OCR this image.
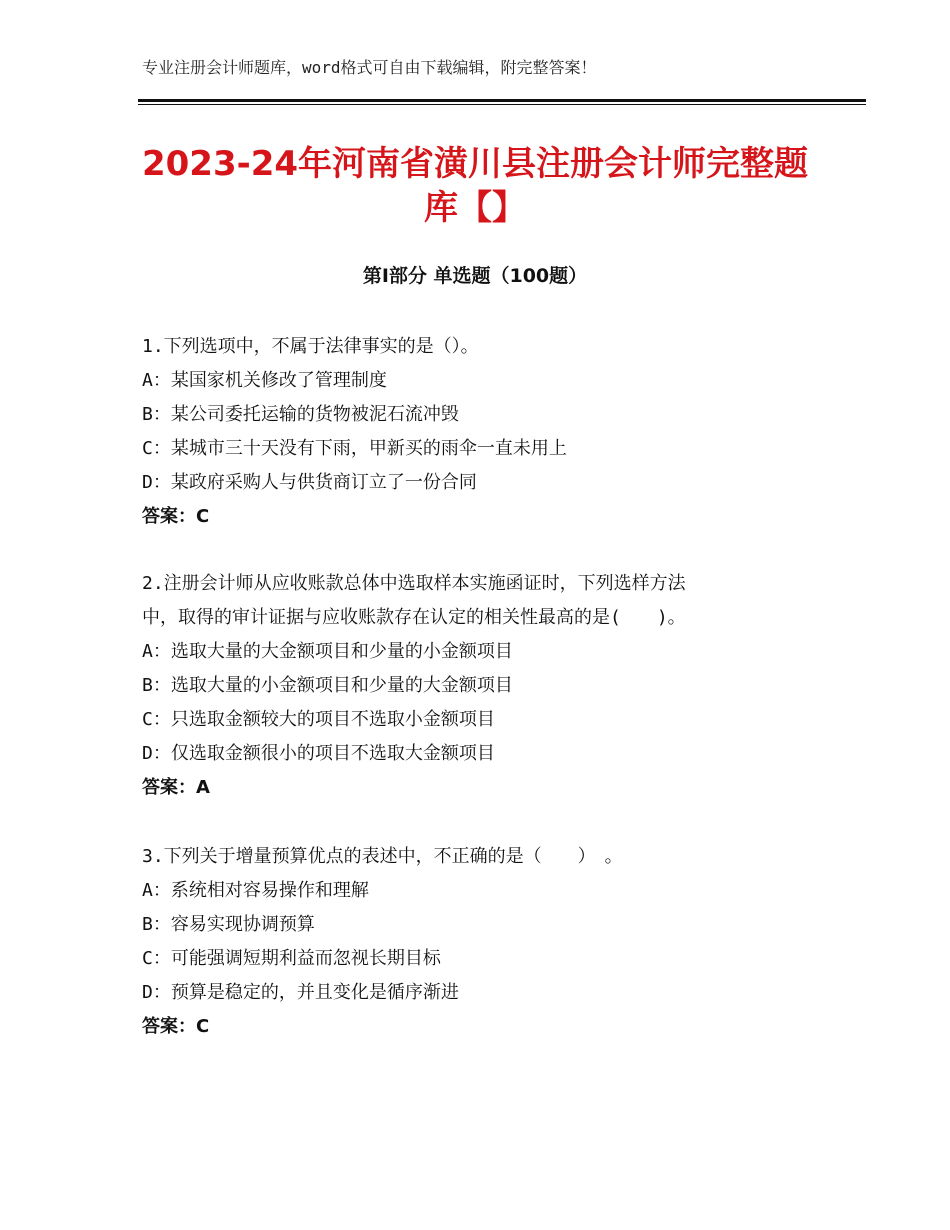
专业注册会计师题库，word格式可自由下载编辑，附完整答案！
2023-24年河南省潢川县注册会计师完整题
库【】
第Ⅰ部分 单选题（100题）
1.下列选项中，不属于法律事实的是（）。
A：某国家机关修改了管理制度
B：某公司委托运输的货物被泥石流冲毁
C：某城市三十天没有下雨，甲新买的雨伞一直未用上
D：某政府采购人与供货商订立了一份合同
答案：C
2.注册会计师从应收账款总体中选取样本实施函证时，下列选样方法
中，取得的审计证据与应收账款存在认定的相关性最高的是(　　)。
A：选取大量的大金额项目和少量的小金额项目
B：选取大量的小金额项目和少量的大金额项目
C：只选取金额较大的项目不选取小金额项目
D：仅选取金额很小的项目不选取大金额项目
答案：A
3.下列关于增量预算优点的表述中，不正确的是（　　）　。
A：系统相对容易操作和理解
B：容易实现协调预算
C：可能强调短期利益而忽视长期目标
D：预算是稳定的，并且变化是循序渐进
答案：C
